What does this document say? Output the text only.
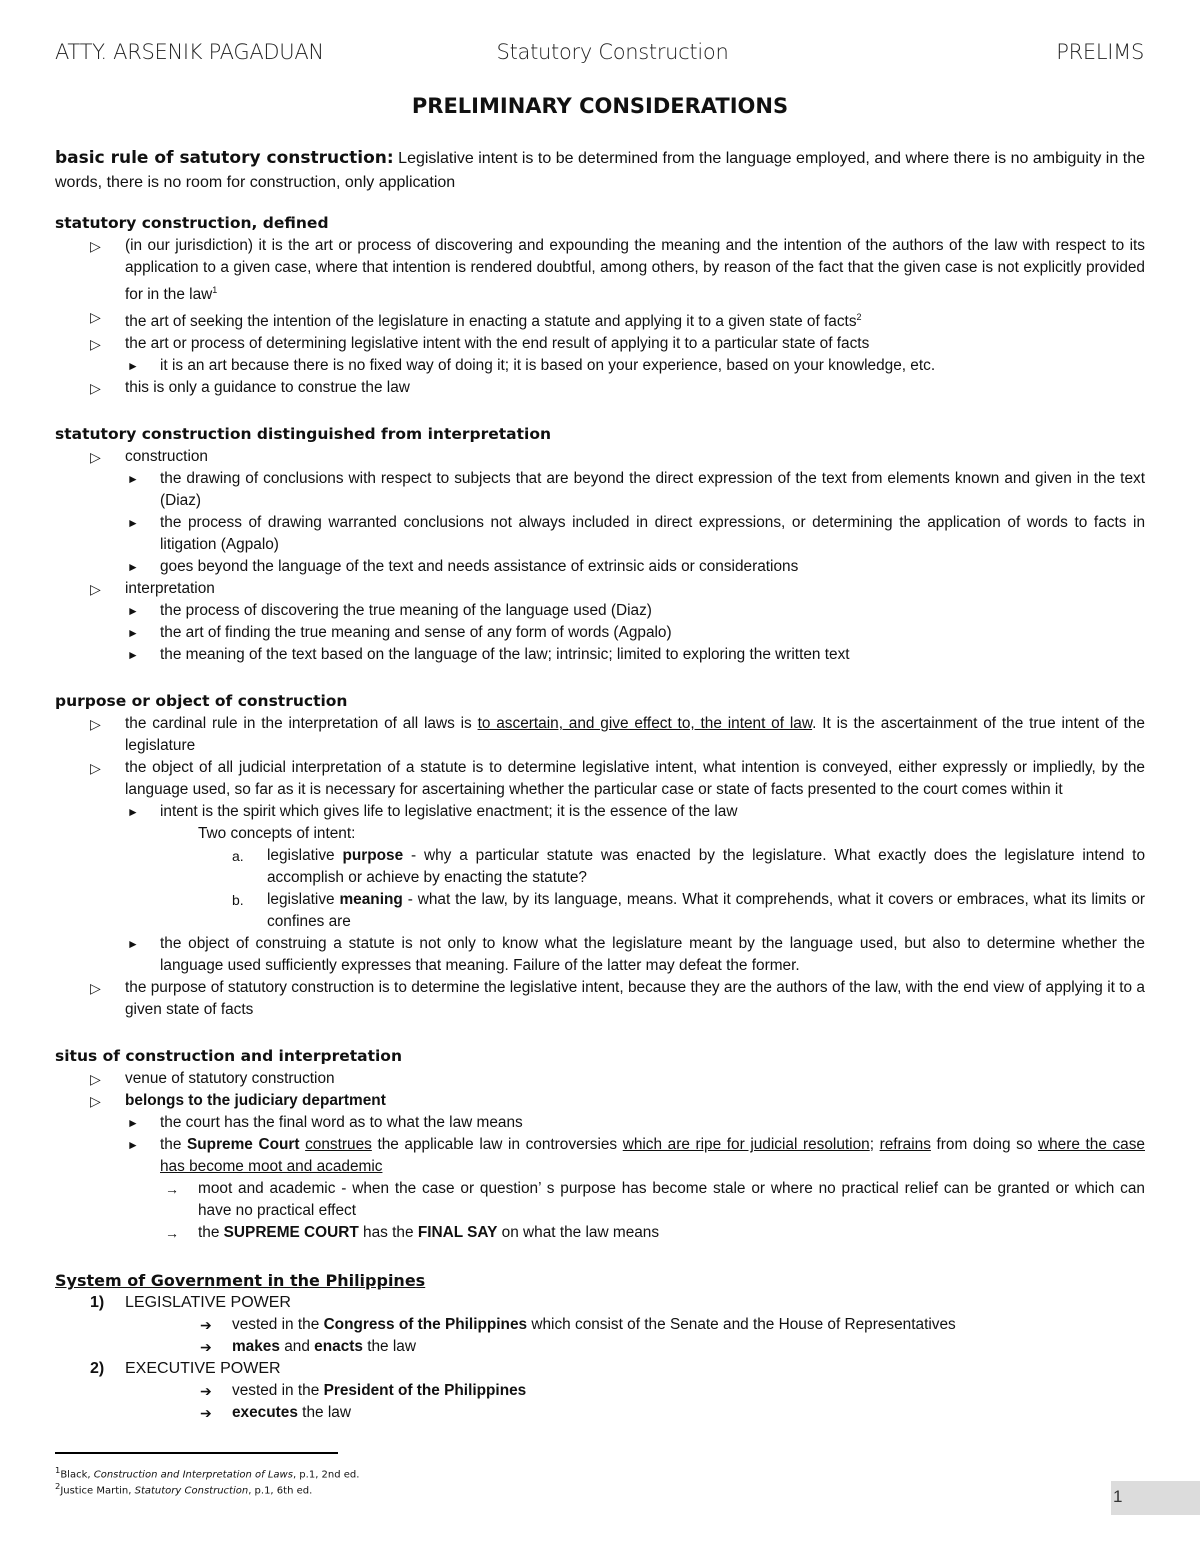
ATTY. ARSENIK PAGADUAN	Statutory Construction	PRELIMS
PRELIMINARY CONSIDERATIONS

basic rule of satutory construction: Legislative intent is to be determined from the language employed, and where there is no ambiguity in the words, there is no room for construction, only application

statutory construction, defined
▷ (in our jurisdiction) it is the art or process of discovering and expounding the meaning and the intention of the authors of the law with respect to its application to a given case, where that intention is rendered doubtful, among others, by reason of the fact that the given case is not explicitly provided for in the law$^1$
▷ the art of seeking the intention of the legislature in enacting a statute and applying it to a given state of facts$^2$
▷ the art or process of determining legislative intent with the end result of applying it to a particular state of facts
► it is an art because there is no fixed way of doing it; it is based on your experience, based on your knowledge, etc.
▷ this is only a guidance to construe the law
statutory construction distinguished from interpretation
▷ construction
► the drawing of conclusions with respect to subjects that are beyond the direct expression of the text from elements known and given in the text (Diaz)
► the process of drawing warranted conclusions not always included in direct expressions, or determining the application of words to facts in litigation (Agpalo)
► goes beyond the language of the text and needs assistance of extrinsic aids or considerations
▷ interpretation
► the process of discovering the true meaning of the language used (Diaz)
► the art of finding the true meaning and sense of any form of words (Agpalo)
► the meaning of the text based on the language of the law; intrinsic; limited to exploring the written text
purpose or object of construction
▷ the cardinal rule in the interpretation of all laws is to ascertain, and give effect to, the intent of law. It is the ascertainment of the true intent of the legislature
▷ the object of all judicial interpretation of a statute is to determine legislative intent, what intention is conveyed, either expressly or impliedly, by the language used, so far as it is necessary for ascertaining whether the particular case or state of facts presented to the court comes within it
► intent is the spirit which gives life to legislative enactment; it is the essence of the law
Two concepts of intent:
a. legislative purpose - why a particular statute was enacted by the legislature. What exactly does the legislature intend to accomplish or achieve by enacting the statute?
b. legislative meaning - what the law, by its language, means. What it comprehends, what it covers or embraces, what its limits or confines are
► the object of construing a statute is not only to know what the legislature meant by the language used, but also to determine whether the language used sufficiently expresses that meaning. Failure of the latter may defeat the former.
▷ the purpose of statutory construction is to determine the legislative intent, because they are the authors of the law, with the end view of applying it to a given state of facts
situs of construction and interpretation
▷ venue of statutory construction
▷ belongs to the judiciary department
► the court has the final word as to what the law means
► the Supreme Court construes the applicable law in controversies which are ripe for judicial resolution; refrains from doing so where the case has become moot and academic
→ moot and academic - when the case or question’ s purpose has become stale or where no practical relief can be granted or which can have no practical effect
→ the SUPREME COURT has the FINAL SAY on what the law means
System of Government in the Philippines
1) LEGISLATIVE POWER
➔ vested in the Congress of the Philippines which consist of the Senate and the House of Representatives
➔ makes and enacts the law
2) EXECUTIVE POWER
➔ vested in the President of the Philippines
➔ executes the law
$^1$Black, Construction and Interpretation of Laws, p.1, 2nd ed.
$^2$Justice Martin, Statutory Construction, p.1, 6th ed.	1
